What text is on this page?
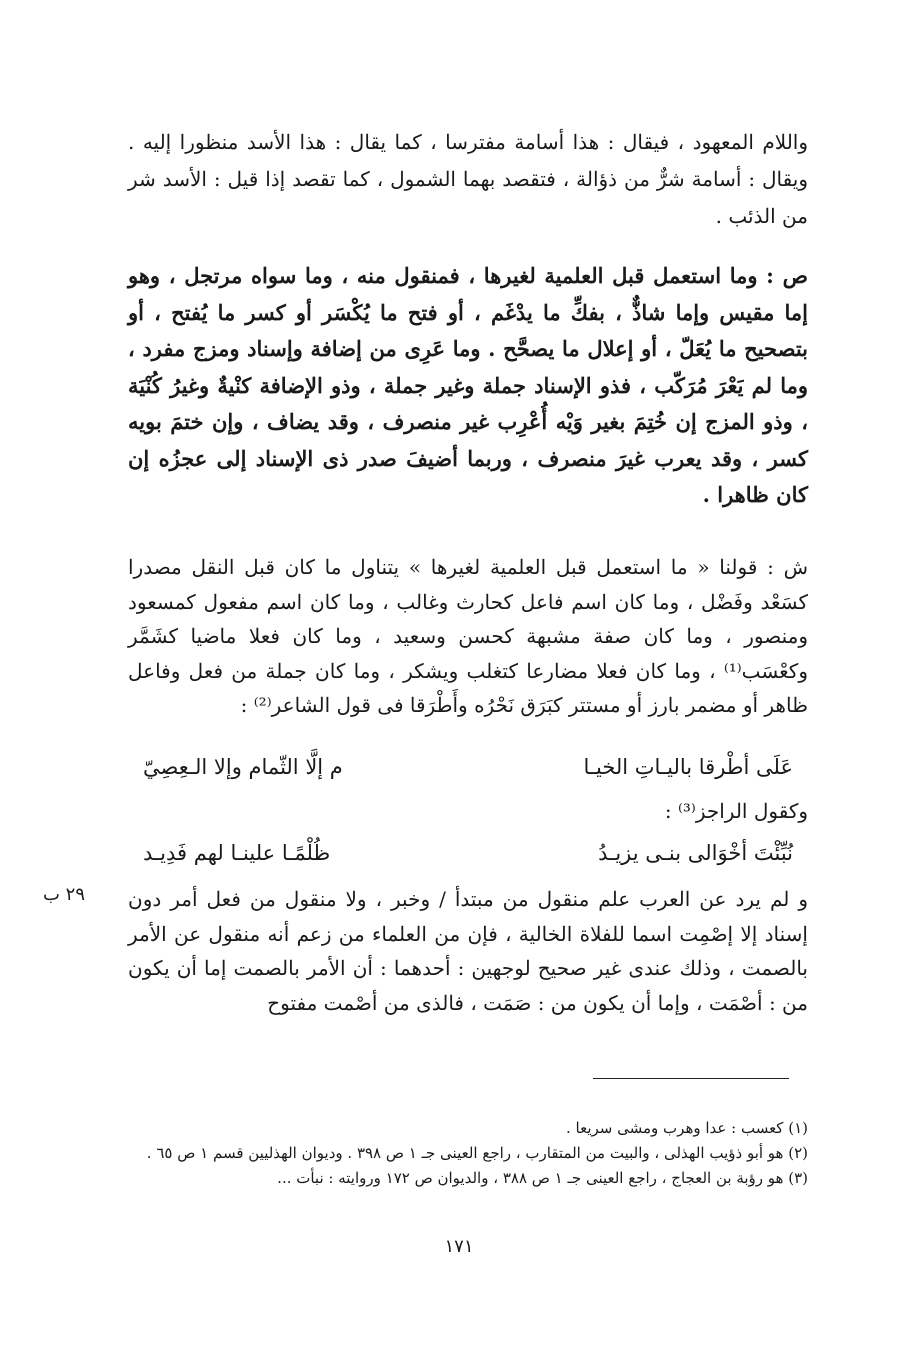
واللام المعهود ، فيقال : هذا أسامة مفترسا ، كما يقال : هذا الأسد منظورا إليه . ويقال : أسامة شرٌّ من ذؤالة ، فتقصد بهما الشمول ، كما تقصد إذا قيل : الأسد شر من الذئب .
ص : وما استعمل قبل العلمية لغيرها ، فمنقول منه ، وما سواه مرتجل ، وهو إما مقيس وإما شاذٌّ ، بفكِّ ما يدْغَم ، أو فتح ما يُكْسَر أو كسر ما يُفتح ، أو بتصحيح ما يُعَلّ ، أو إعلال ما يصحَّح . وما عَرِى من إضافة وإسناد ومزج مفرد ، وما لم يَعْرَ مُرَكّب ، فذو الإسناد جملة وغير جملة ، وذو الإضافة كنْيةٌ وغيرُ كُنْيَة ، وذو المزج إن خُتِمَ بغير وَيْه أُعْرِب غير منصرف ، وقد يضاف ، وإن ختمَ بويه كسر ، وقد يعرب غيرَ منصرف ، وربما أضيفَ صدر ذى الإسناد إلى عجزُه إن كان ظاهرا .
ش : قولنا « ما استعمل قبل العلمية لغيرها » يتناول ما كان قبل النقل مصدرا كسَعْد وفَضْل ، وما كان اسم فاعل كحارث وغالب ، وما كان اسم مفعول كمسعود ومنصور ، وما كان صفة مشبهة كحسن وسعيد ، وما كان فعلا ماضيا كشَمَّر وكعْسَب⁽¹⁾ ، وما كان فعلا مضارعا كتغلب ويشكر ، وما كان جملة من فعل وفاعل ظاهر أو مضمر بارز أو مستتر كبَرَق نَحْرُه وأَطْرَقا فى قول الشاعر⁽²⁾ :
عَلَى أطْرقا باليـاتِ الخيـا
م إلَّا الثّمام وإلا الـعِصِيّ
وكقول الراجز⁽³⁾ :
نُبِّئْتَ أخْوَالى بنـى يزيـدُ
ظُلْمًـا علينـا لهم فَدِيـد
٢٩ ب	و لم يرد عن العرب علم منقول من مبتدأ / وخبر ، ولا منقول من فعل أمر دون إسناد إلا إصْمِت اسما للفلاة الخالية ، فإن من العلماء من زعم أنه منقول عن الأمر بالصمت ، وذلك عندى غير صحيح لوجهين : أحدهما : أن الأمر بالصمت إما أن يكون من : أصْمَت ، وإما أن يكون من : صَمَت ، فالذى من أصْمت مفتوح
(١) كعسب : عدا وهرب ومشى سريعا .
(٢) هو أبو ذؤيب الهذلى ، والبيت من المتقارب ، راجع العينى جـ ١ ص ٣٩٨ . وديوان الهذليين قسم ١ ص ٦٥ .
(٣) هو رؤبة بن العجاج ، راجع العينى جـ ١ ص ٣٨٨ ، والديوان ص ١٧٢ وروايته : نبأت ...
١٧١
